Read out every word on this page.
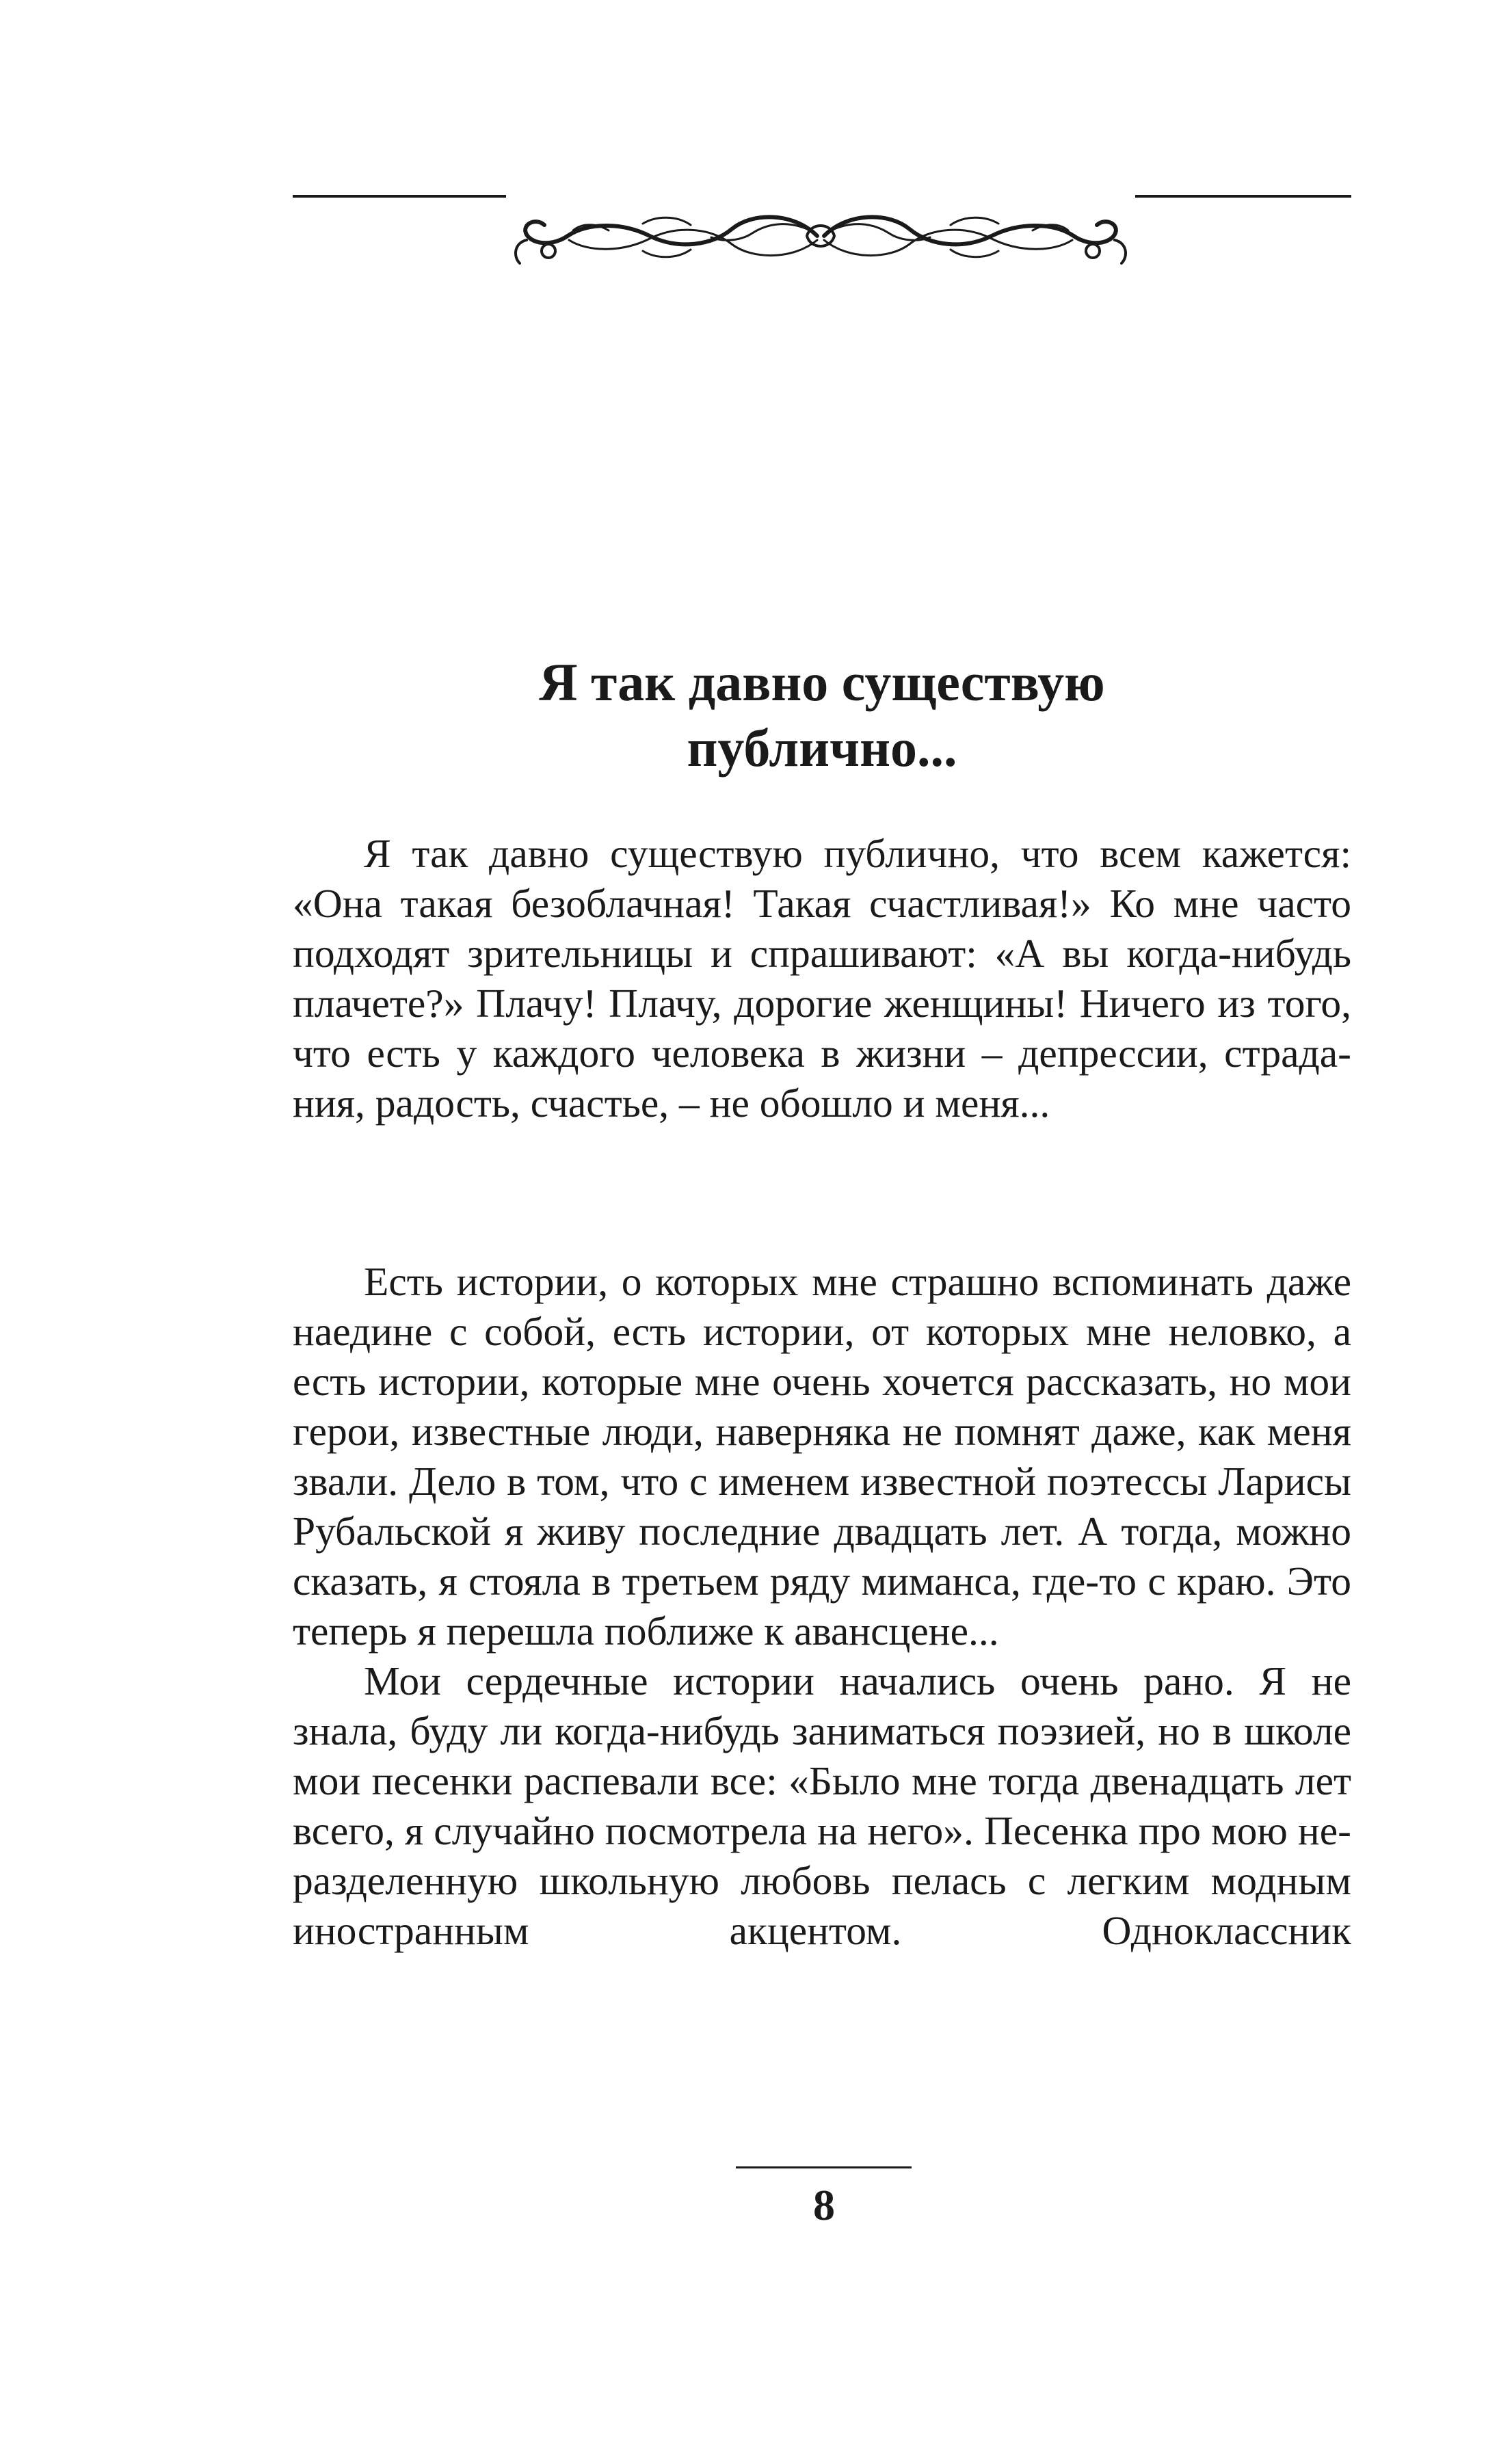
Я так давно существую
публично...

Я так давно существую публично, что всем кажется: «Она такая безоблачная! Такая счастливая!» Ко мне часто подходят зрительницы и спрашивают: «А вы когда-нибудь плачете?» Плачу! Плачу, дорогие женщины! Ничего из того, что есть у каждого человека в жизни – депрессии, страдания, радость, счастье, – не обошло и меня...

Есть истории, о которых мне страшно вспоминать даже наедине с собой, есть истории, от которых мне неловко, а есть истории, которые мне очень хочется рассказать, но мои герои, известные люди, наверняка не помнят даже, как меня звали. Дело в том, что с именем известной поэтессы Ларисы Рубальской я живу последние двадцать лет. А тогда, можно сказать, я стояла в третьем ряду миманса, где-то с краю. Это теперь я перешла поближе к авансцене...

Мои сердечные истории начались очень рано. Я не знала, буду ли когда-нибудь заниматься поэзией, но в школе мои песенки распевали все: «Было мне тогда двенадцать лет всего, я случайно посмотрела на него». Песенка про мою неразделенную школьную любовь пелась с легким модным иностранным акцентом. Одноклассник

8
